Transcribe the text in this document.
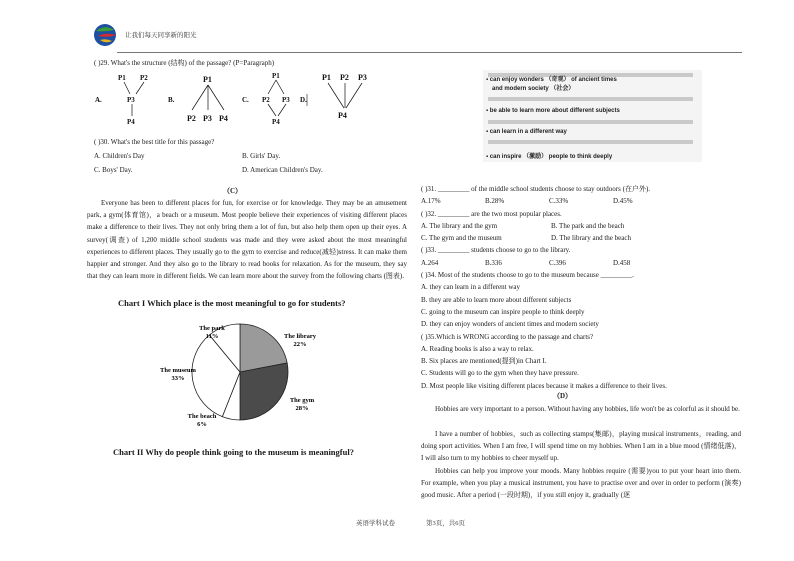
让我们每天同享新的阳光
( )29. What's the structure (结构) of the passage? (P=Paragraph)
A.
P1 P2
P3
P4
B.
P1
P2 P3 P4
C.
P1
P2 P3
P4
D.
P1 P2 P3
P4
( )30. What's the best title for this passage?
A. Children's Day	B. Girls' Day.
C. Boys' Day.	D. American Children's Day.
▪ can enjoy wonders （奇观） of ancient times
and modern society （社会）
▪ be able to learn more about different subjects
▪ can learn in a different way
▪ can inspire （激励） people to think deeply
（C）
Everyone has been to different places for fun, for exercise or for knowledge. They may be an amusement park, a gym(体育馆)，a beach or a museum. Most people believe their experiences of visiting different places make a difference to their lives. They not only bring them a lot of fun, but also help them open up their eyes. A survey(调查) of 1,200 middle school students was made and they were asked about the most meaningful experiences to different places. They usually go to the gym to exercise and reduce(减轻)stress. It can make them happier and stronger. And they also go to the library to read books for relaxation. As for the museum, they say that they can learn more in different fields. We can learn more about the survey from the following charts (图表).
Chart I Which place is the most meaningful to go for students?
The library
22%
The gym
28%
The beach
6%
The museum
33%
The park
11%
Chart II Why do people think going to the museum is meaningful?
( )31. _________ of the middle school students choose to stay outdoors (在户外).
A.17%	B.28%	C.33%	D.45%
( )32. _________ are the two most popular places.
A. The library and the gym	B. The park and the beach
C. The gym and the museum	D. The library and the beach
( )33. _________ students choose to go to the library.
A.264	B.336	C.396	D.458
( )34. Most of the students choose to go to the museum because _________.
A. they can learn in a different way
B. they are able to learn more about different subjects
C. going to the museum can inspire people to think deeply
D. they can enjoy wonders of ancient times and modern society
( )35.Which is WRONG according to the passage and charts?
A. Reading books is also a way to relax.
B. Six places are mentioned(提到)in Chart I.
C. Students will go to the gym when they have pressure.
D. Most people like visiting different places because it makes a difference to their lives.
（D）
Hobbies are very important to a person. Without having any hobbies, life won't be as colorful as it should be.
I have a number of hobbies，such as collecting stamps(集邮)，playing musical instruments，reading, and doing sport activities. When I am free, I will spend time on my hobbies. When I am in a blue mood (情绪低落)，I will also turn to my hobbies to cheer myself up.
Hobbies can help you improve your moods. Many hobbies require (需要)you to put your heart into them. For example, when you play a musical instrument, you have to practise over and over in order to perform (演奏) good music. After a period (一段时期)，if you still enjoy it, gradually (逐
英语学科试卷	第3页，共6页
